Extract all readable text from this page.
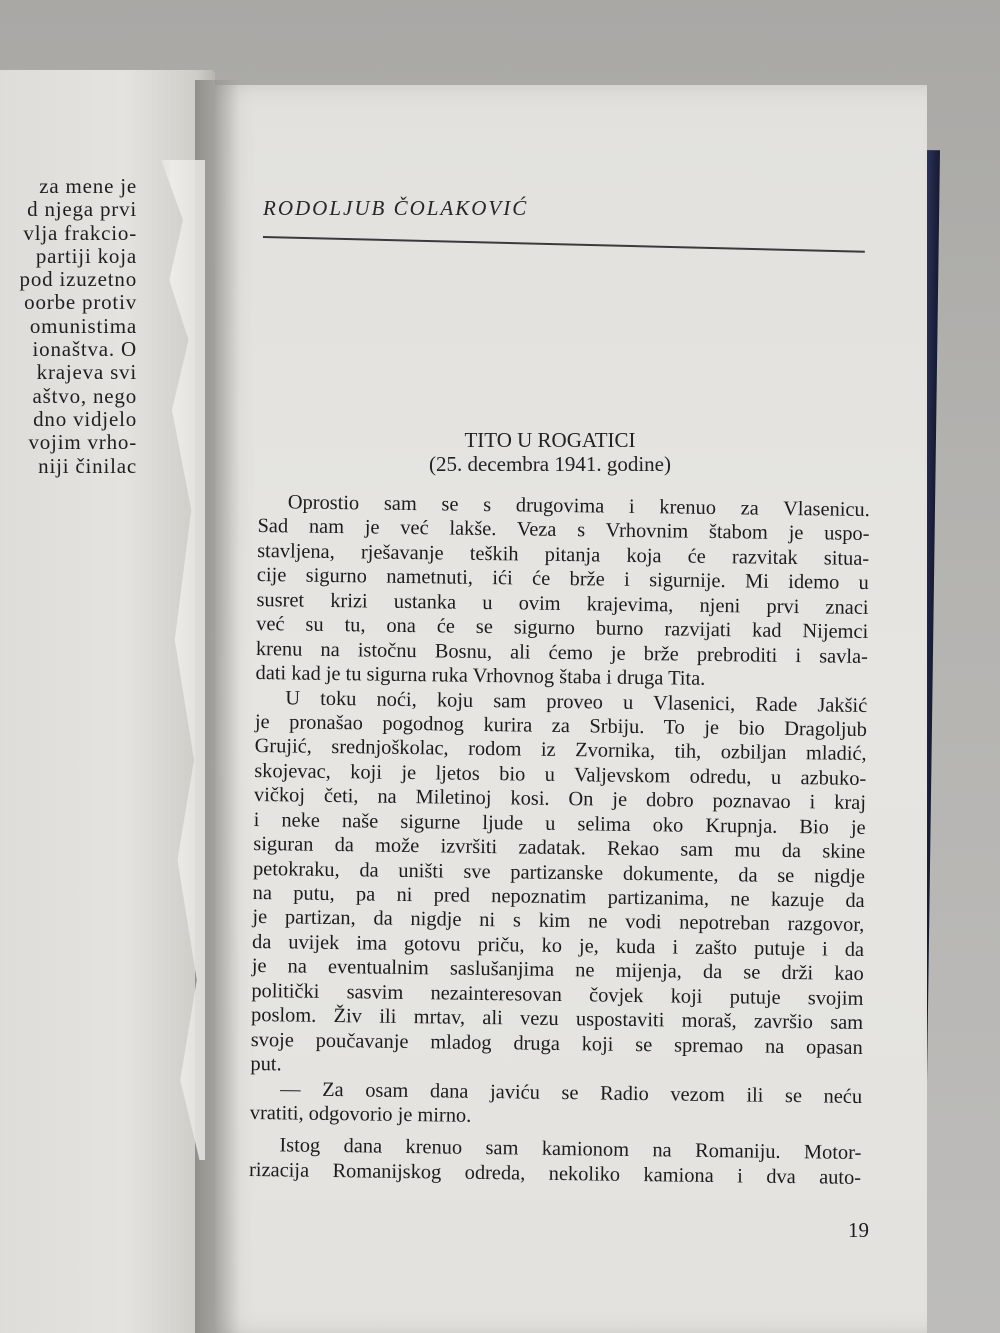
za mene je
d njega prvi
vlja frakcio-
partiji koja
pod izuzetno
oorbe protiv
omunistima
ionaštva. O
krajeva svi
aštvo, nego
dno vidjelo
vojim vrho-
niji činilac
RODOLJUB ČOLAKOVIĆ
TITO U ROGATICI
(25. decembra 1941. godine)
Oprostio sam se s drugovima i krenuo za Vlasenicu.
Sad nam je već lakše. Veza s Vrhovnim štabom je uspo-
stavljena, rješavanje teških pitanja koja će razvitak situa-
cije sigurno nametnuti, ići će brže i sigurnije. Mi idemo u
susret krizi ustanka u ovim krajevima, njeni prvi znaci
već su tu, ona će se sigurno burno razvijati kad Nijemci
krenu na istočnu Bosnu, ali ćemo je brže prebroditi i savla-
dati kad je tu sigurna ruka Vrhovnog štaba i druga Tita.
U toku noći, koju sam proveo u Vlasenici, Rade Jakšić
je pronašao pogodnog kurira za Srbiju. To je bio Dragoljub
Grujić, srednjoškolac, rodom iz Zvornika, tih, ozbiljan mladić,
skojevac, koji je ljetos bio u Valjevskom odredu, u azbuko-
vičkoj četi, na Miletinoj kosi. On je dobro poznavao i kraj
i neke naše sigurne ljude u selima oko Krupnja. Bio je
siguran da može izvršiti zadatak. Rekao sam mu da skine
petokraku, da uništi sve partizanske dokumente, da se nigdje
na putu, pa ni pred nepoznatim partizanima, ne kazuje da
je partizan, da nigdje ni s kim ne vodi nepotreban razgovor,
da uvijek ima gotovu priču, ko je, kuda i zašto putuje i da
je na eventualnim saslušanjima ne mijenja, da se drži kao
politički sasvim nezainteresovan čovjek koji putuje svojim
poslom. Živ ili mrtav, ali vezu uspostaviti moraš, završio sam
svoje poučavanje mladog druga koji se spremao na opasan
put.
— Za osam dana javiću se Radio vezom ili se neću
vratiti, odgovorio je mirno.
Istog dana krenuo sam kamionom na Romaniju. Motor-
rizacija Romanijskog odreda, nekoliko kamiona i dva auto-
19
